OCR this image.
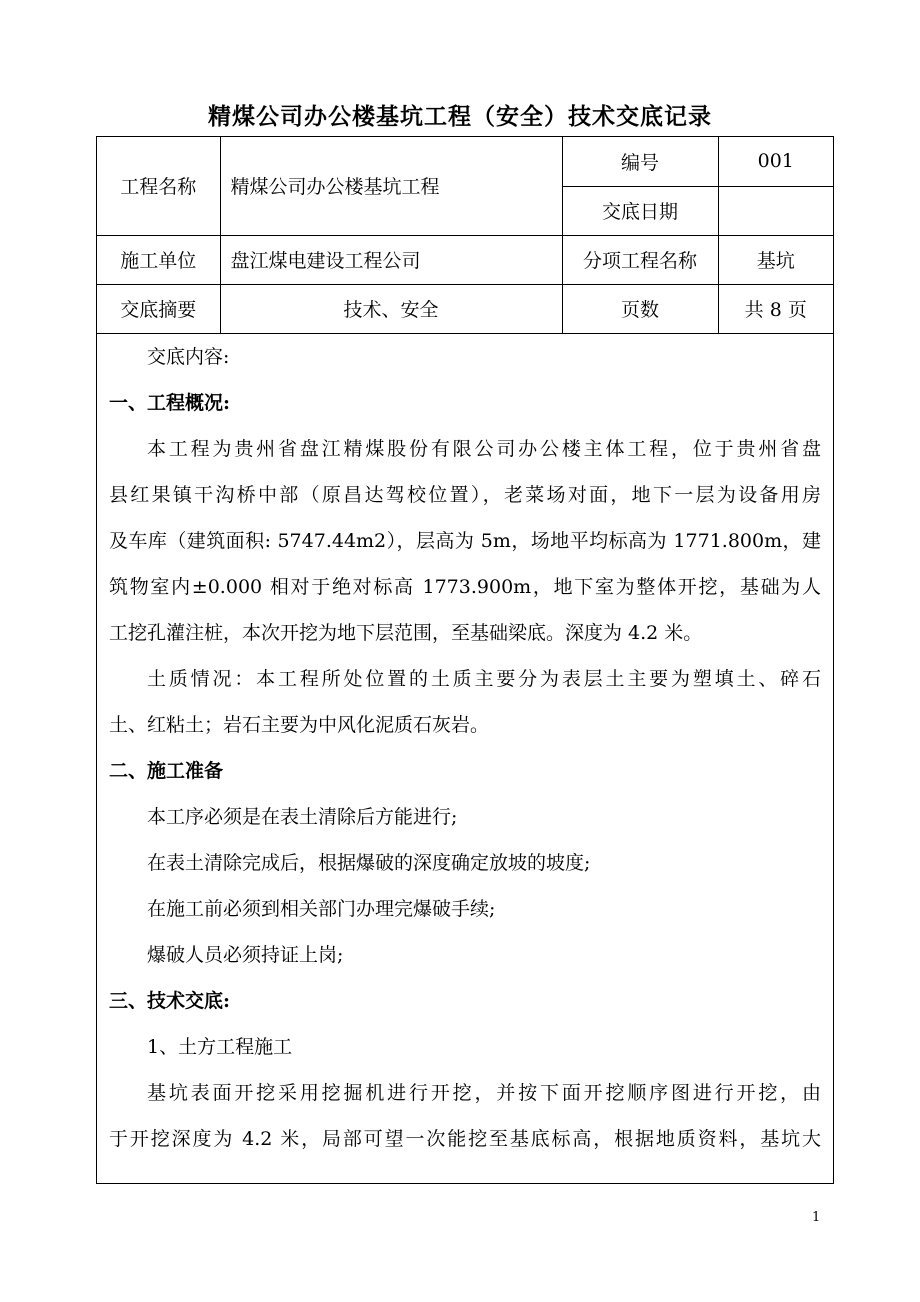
精煤公司办公楼基坑工程（安全）技术交底记录
工程名称	精煤公司办公楼基坑工程	编号	001
		交底日期	
施工单位	盘江煤电建设工程公司	分项工程名称	基坑
交底摘要	技术、安全	页数	共 8 页
交底内容:
一、工程概况:
本工程为贵州省盘江精煤股份有限公司办公楼主体工程，位于贵州省盘
县红果镇干沟桥中部（原昌达驾校位置），老菜场对面，地下一层为设备用房
及车库（建筑面积: 5747.44m2），层高为 5m，场地平均标高为 1771.800m，建
筑物室内±0.000 相对于绝对标高 1773.900m，地下室为整体开挖，基础为人
工挖孔灌注桩，本次开挖为地下层范围，至基础梁底。深度为 4.2 米。
土质情况：本工程所处位置的土质主要分为表层土主要为塑填土、碎石
土、红粘土；岩石主要为中风化泥质石灰岩。
二、施工准备
本工序必须是在表土清除后方能进行;
在表土清除完成后，根据爆破的深度确定放坡的坡度;
在施工前必须到相关部门办理完爆破手续;
爆破人员必须持证上岗;
三、技术交底:
1、土方工程施工
基坑表面开挖采用挖掘机进行开挖，并按下面开挖顺序图进行开挖，由
于开挖深度为 4.2 米，局部可望一次能挖至基底标高，根据地质资料，基坑大
1
